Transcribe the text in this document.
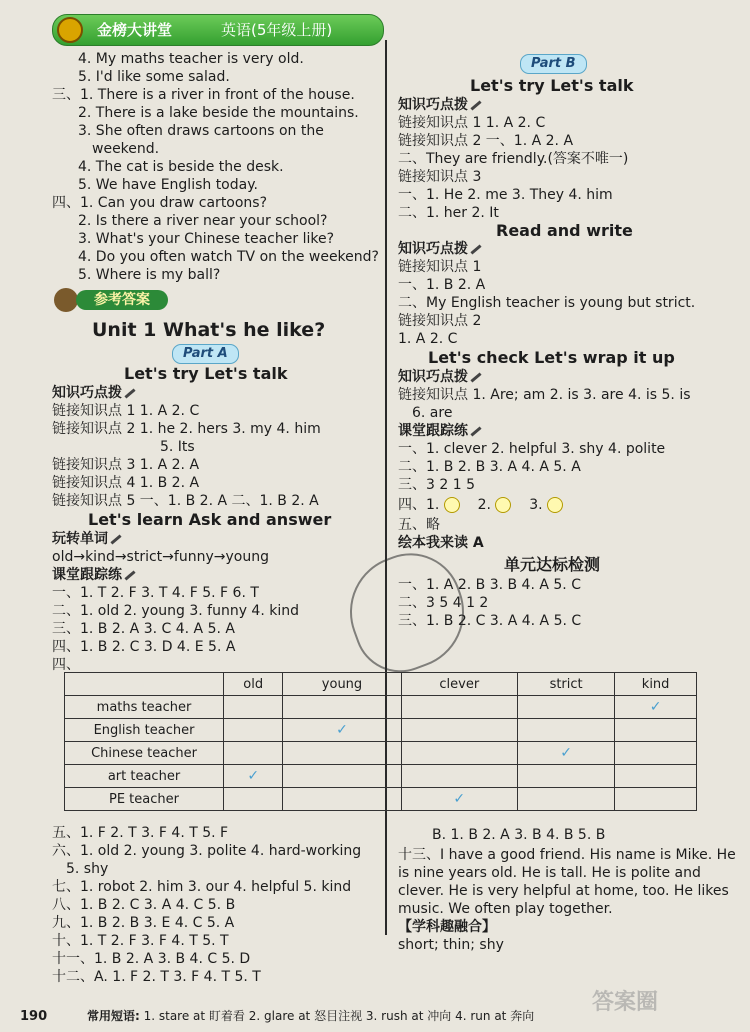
金榜大讲堂	英语(5年级上册)
4. My maths teacher is very old.
5. I'd like some salad.
三、1. There is a river in front of the house.
2. There is a lake beside the mountains.
3. She often draws cartoons on the
weekend.
4. The cat is beside the desk.
5. We have English today.
四、1. Can you draw cartoons?
2. Is there a river near your school?
3. What's your Chinese teacher like?
4. Do you often watch TV on the weekend?
5. Where is my ball?
参考答案
Unit 1 What's he like?
Part A
Let's try Let's talk
知识巧点拨
链接知识点 1 1. A 2. C
链接知识点 2 1. he 2. hers 3. my 4. him
5. Its
链接知识点 3 1. A 2. A
链接知识点 4 1. B 2. A
链接知识点 5 一、1. B 2. A 二、1. B 2. A
Let's learn Ask and answer
玩转单词
old→kind→strict→funny→young
课堂跟踪练
一、1. T 2. F 3. T 4. F 5. F 6. T
二、1. old 2. young 3. funny 4. kind
三、1. B 2. A 3. C 4. A 5. A
四、1. B 2. C 3. D 4. E 5. A
四、
	old	young	clever	strict	kind
maths teacher					✓
English teacher		✓			
Chinese teacher				✓	
art teacher	✓				
PE teacher			✓		
五、1. F 2. T 3. F 4. T 5. F
六、1. old 2. young 3. polite 4. hard-working
5. shy
七、1. robot 2. him 3. our 4. helpful 5. kind
八、1. B 2. C 3. A 4. C 5. B
九、1. B 2. B 3. E 4. C 5. A
十、1. T 2. F 3. F 4. T 5. T
十一、1. B 2. A 3. B 4. C 5. D
十二、A. 1. F 2. T 3. F 4. T 5. T
Part B
Let's try Let's talk
知识巧点拨
链接知识点 1 1. A 2. C
链接知识点 2 一、1. A 2. A
二、They are friendly.(答案不唯一)
链接知识点 3
一、1. He 2. me 3. They 4. him
二、1. her 2. It
Read and write
知识巧点拨
链接知识点 1
一、1. B 2. A
二、My English teacher is young but strict.
链接知识点 2
1. A 2. C
Let's check Let's wrap it up
知识巧点拨
链接知识点 1. Are; am 2. is 3. are 4. is 5. is
6. are
课堂跟踪练
一、1. clever 2. helpful 3. shy 4. polite
二、1. B 2. B 3. A 4. A 5. A
三、3 2 1 5
四、1.	2.	3.
五、略
绘本我来读 A
单元达标检测
一、1. A 2. B 3. B 4. A 5. C
二、3 5 4 1 2
三、1. B 2. C 3. A 4. A 5. C
B. 1. B 2. A 3. B 4. B 5. B
十三、I have a good friend. His name is Mike. He
is nine years old. He is tall. He is polite and
clever. He is very helpful at home, too. He likes
music. We often play together.
【学科趣融合】
short; thin; shy
答案圈
190	常用短语: 1. stare at 盯着看 2. glare at 怒目注视 3. rush at 冲向 4. run at 奔向
